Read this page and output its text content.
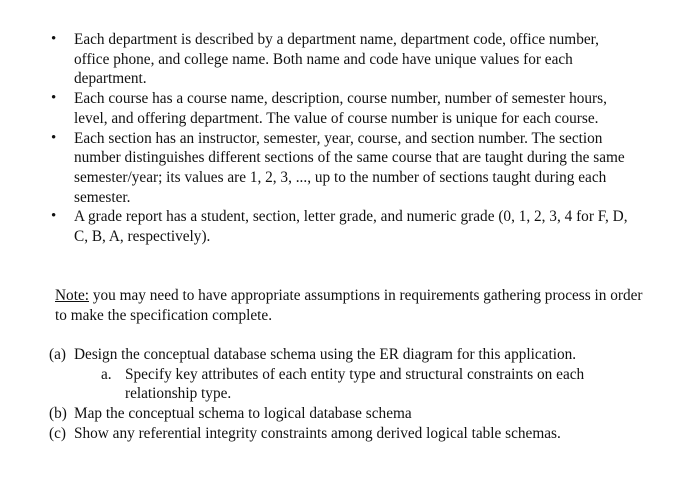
• Each department is described by a department name, department code, office number, office phone, and college name. Both name and code have unique values for each department.
• Each course has a course name, description, course number, number of semester hours, level, and offering department. The value of course number is unique for each course.
• Each section has an instructor, semester, year, course, and section number. The section number distinguishes different sections of the same course that are taught during the same semester/year; its values are 1, 2, 3, ..., up to the number of sections taught during each semester.
• A grade report has a student, section, letter grade, and numeric grade (0, 1, 2, 3, 4 for F, D, C, B, A, respectively).
Note: you may need to have appropriate assumptions in requirements gathering process in order to make the specification complete.
(a) Design the conceptual database schema using the ER diagram for this application.
a. Specify key attributes of each entity type and structural constraints on each relationship type.
(b) Map the conceptual schema to logical database schema
(c) Show any referential integrity constraints among derived logical table schemas.
